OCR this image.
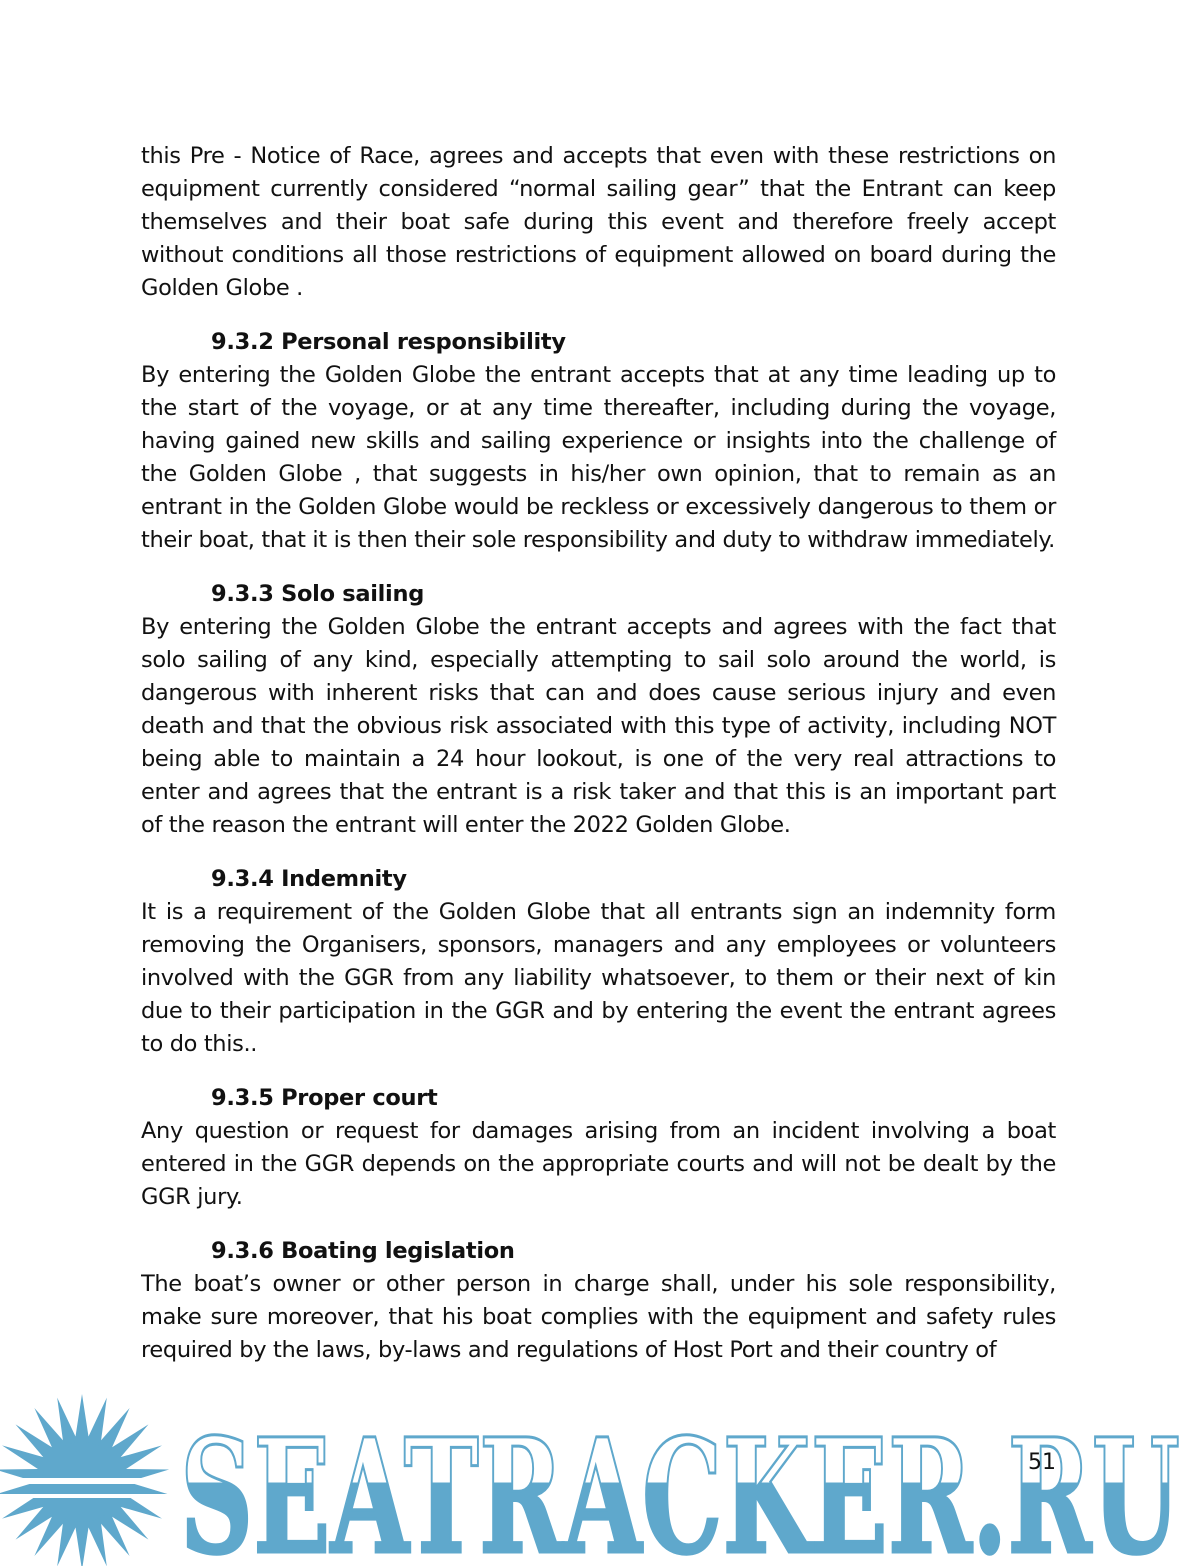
this Pre - Notice of Race, agrees and accepts that even with these restrictions on equipment currently considered “normal sailing gear” that the Entrant can keep themselves and their boat safe during this event and therefore freely accept without conditions all those restrictions of equipment allowed on board during the Golden Globe .

9.3.2 Personal responsibility

By entering the Golden Globe the entrant accepts that at any time leading up to the start of the voyage, or at any time thereafter, including during the voyage, having gained new skills and sailing experience or insights into the challenge of the Golden Globe , that suggests in his/her own opinion, that to remain as an entrant in the Golden Globe would be reckless or excessively dangerous to them or their boat, that it is then their sole responsibility and duty to withdraw immediately.

9.3.3 Solo sailing

By entering the Golden Globe the entrant accepts and agrees with the fact that solo sailing of any kind, especially attempting to sail solo around the world, is dangerous with inherent risks that can and does cause serious injury and even death and that the obvious risk associated with this type of activity, including NOT being able to maintain a 24 hour lookout, is one of the very real attractions to enter and agrees that the entrant is a risk taker and that this is an important part of the reason the entrant will enter the 2022 Golden Globe.

9.3.4 Indemnity

It is a requirement of the Golden Globe that all entrants sign an indemnity form removing the Organisers, sponsors, managers and any employees or volunteers involved with the GGR from any liability whatsoever, to them or their next of kin due to their participation in the GGR and by entering the event the entrant agrees to do this..

9.3.5 Proper court

Any question or request for damages arising from an incident involving a boat entered in the GGR depends on the appropriate courts and will not be dealt by the GGR jury.

9.3.6 Boating legislation

The boat’s owner or other person in charge shall, under his sole responsibility, make sure moreover, that his boat complies with the equipment and safety rules required by the laws, by-laws and regulations of Host Port and their country of

SEATRACKER.RU
51
